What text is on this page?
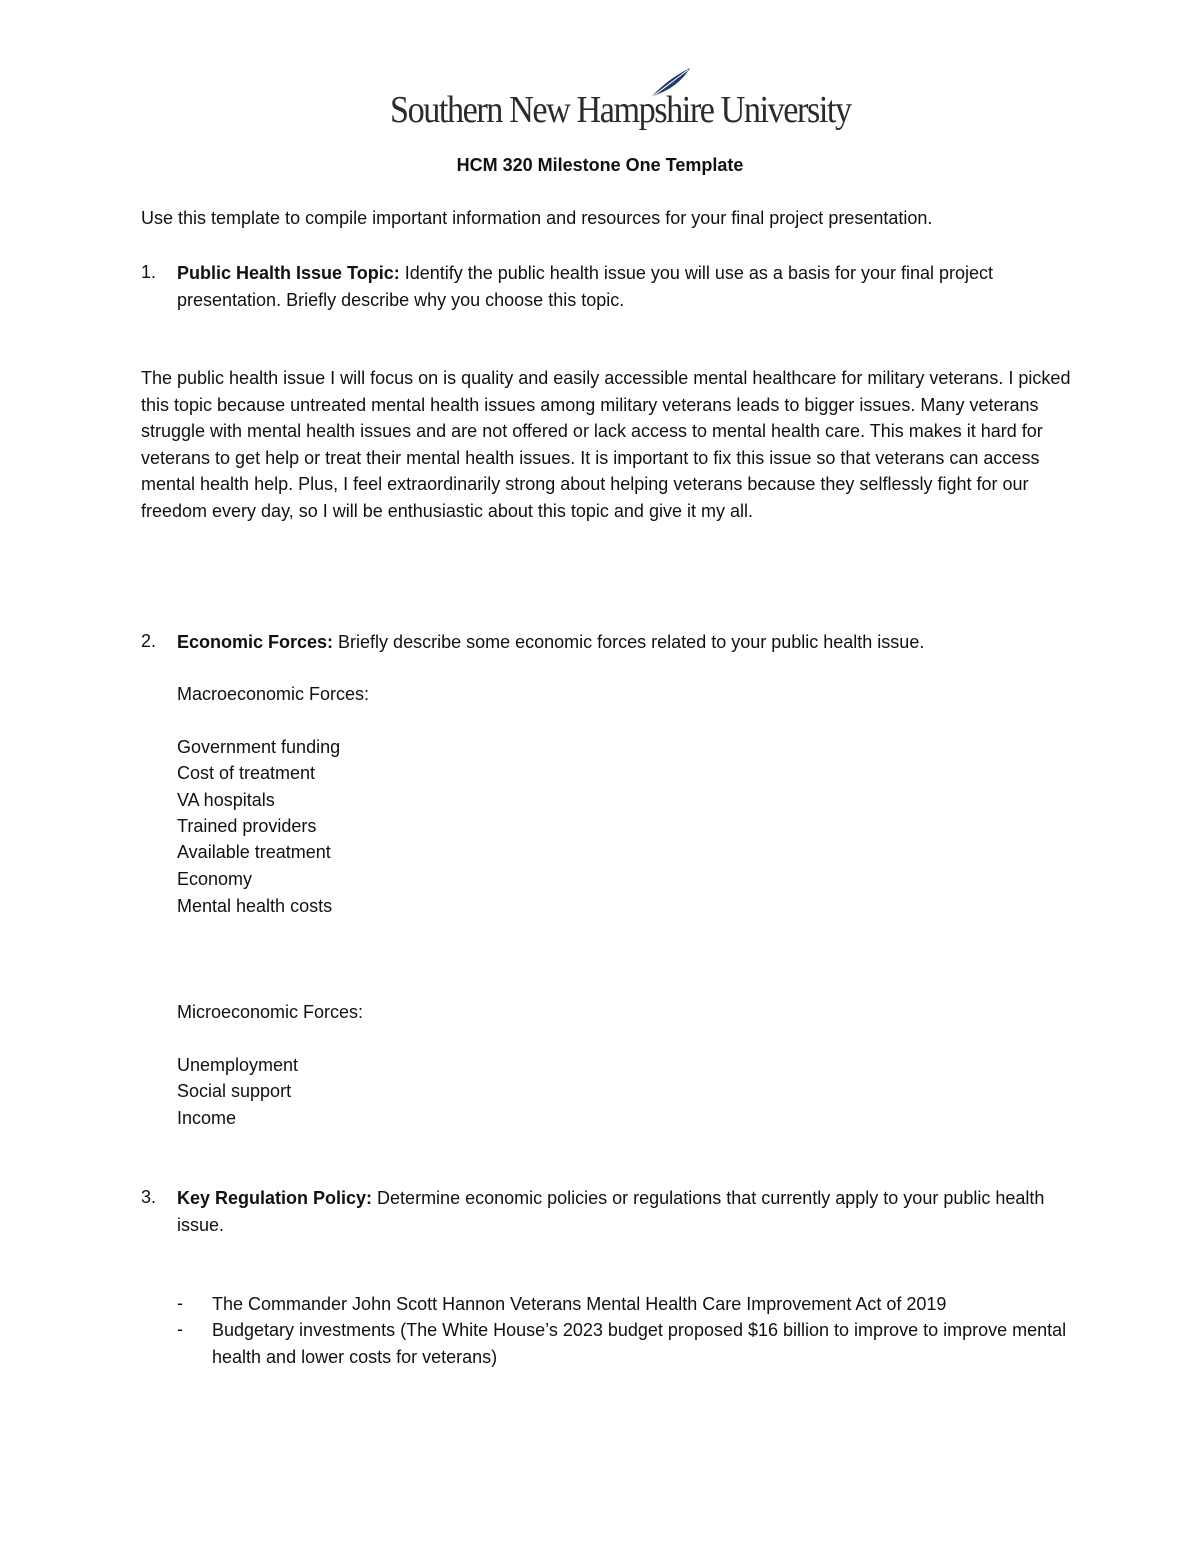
Southern New Hampshire University
HCM 320 Milestone One Template
Use this template to compile important information and resources for your final project presentation.
1. Public Health Issue Topic: Identify the public health issue you will use as a basis for your final project presentation. Briefly describe why you choose this topic.
The public health issue I will focus on is quality and easily accessible mental healthcare for military veterans. I picked this topic because untreated mental health issues among military veterans leads to bigger issues. Many veterans struggle with mental health issues and are not offered or lack access to mental health care. This makes it hard for veterans to get help or treat their mental health issues. It is important to fix this issue so that veterans can access mental health help. Plus, I feel extraordinarily strong about helping veterans because they selflessly fight for our freedom every day, so I will be enthusiastic about this topic and give it my all.
2. Economic Forces: Briefly describe some economic forces related to your public health issue.
Macroeconomic Forces:
Government funding
Cost of treatment
VA hospitals
Trained providers
Available treatment
Economy
Mental health costs
Microeconomic Forces:
Unemployment
Social support
Income
3. Key Regulation Policy: Determine economic policies or regulations that currently apply to your public health issue.
- The Commander John Scott Hannon Veterans Mental Health Care Improvement Act of 2019
- Budgetary investments (The White House’s 2023 budget proposed $16 billion to improve to improve mental health and lower costs for veterans)
